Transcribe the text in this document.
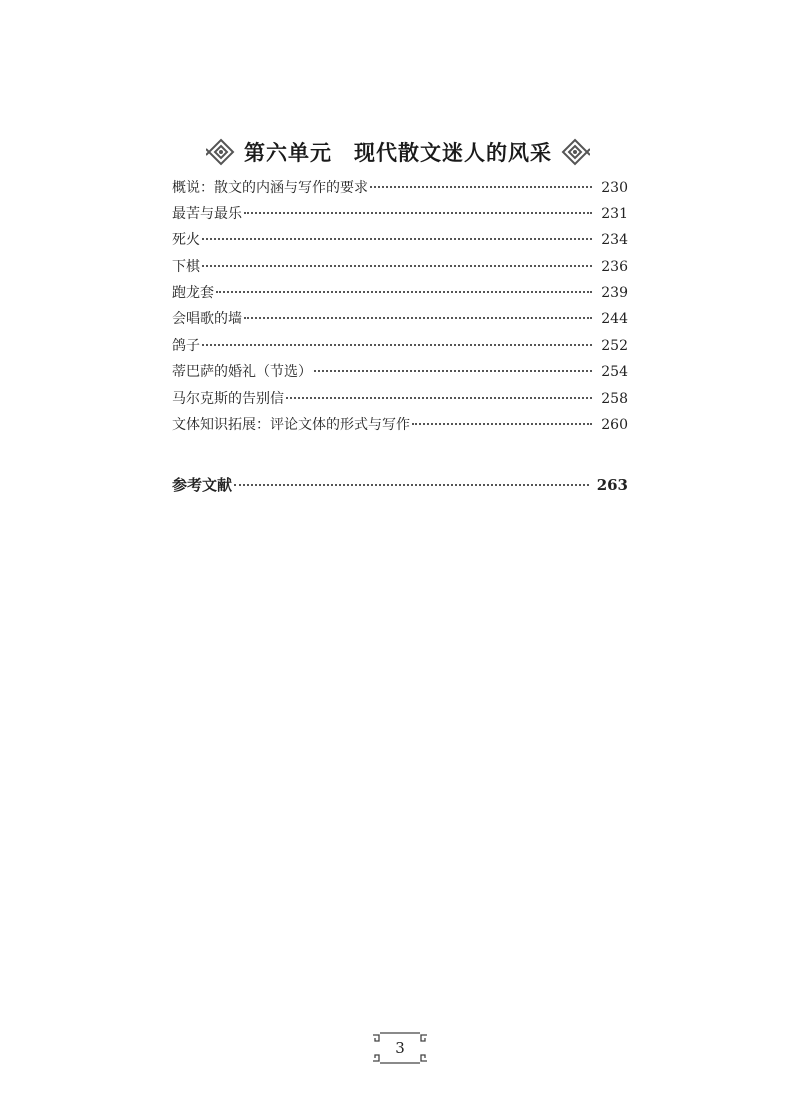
第六单元　现代散文迷人的风采
概说：散文的内涵与写作的要求	230
最苦与最乐	231
死火	234
下棋	236
跑龙套	239
会唱歌的墙	244
鸽子	252
蒂巴萨的婚礼（节选）	254
马尔克斯的告别信	258
文体知识拓展：评论文体的形式与写作	260
参考文献	263
3
